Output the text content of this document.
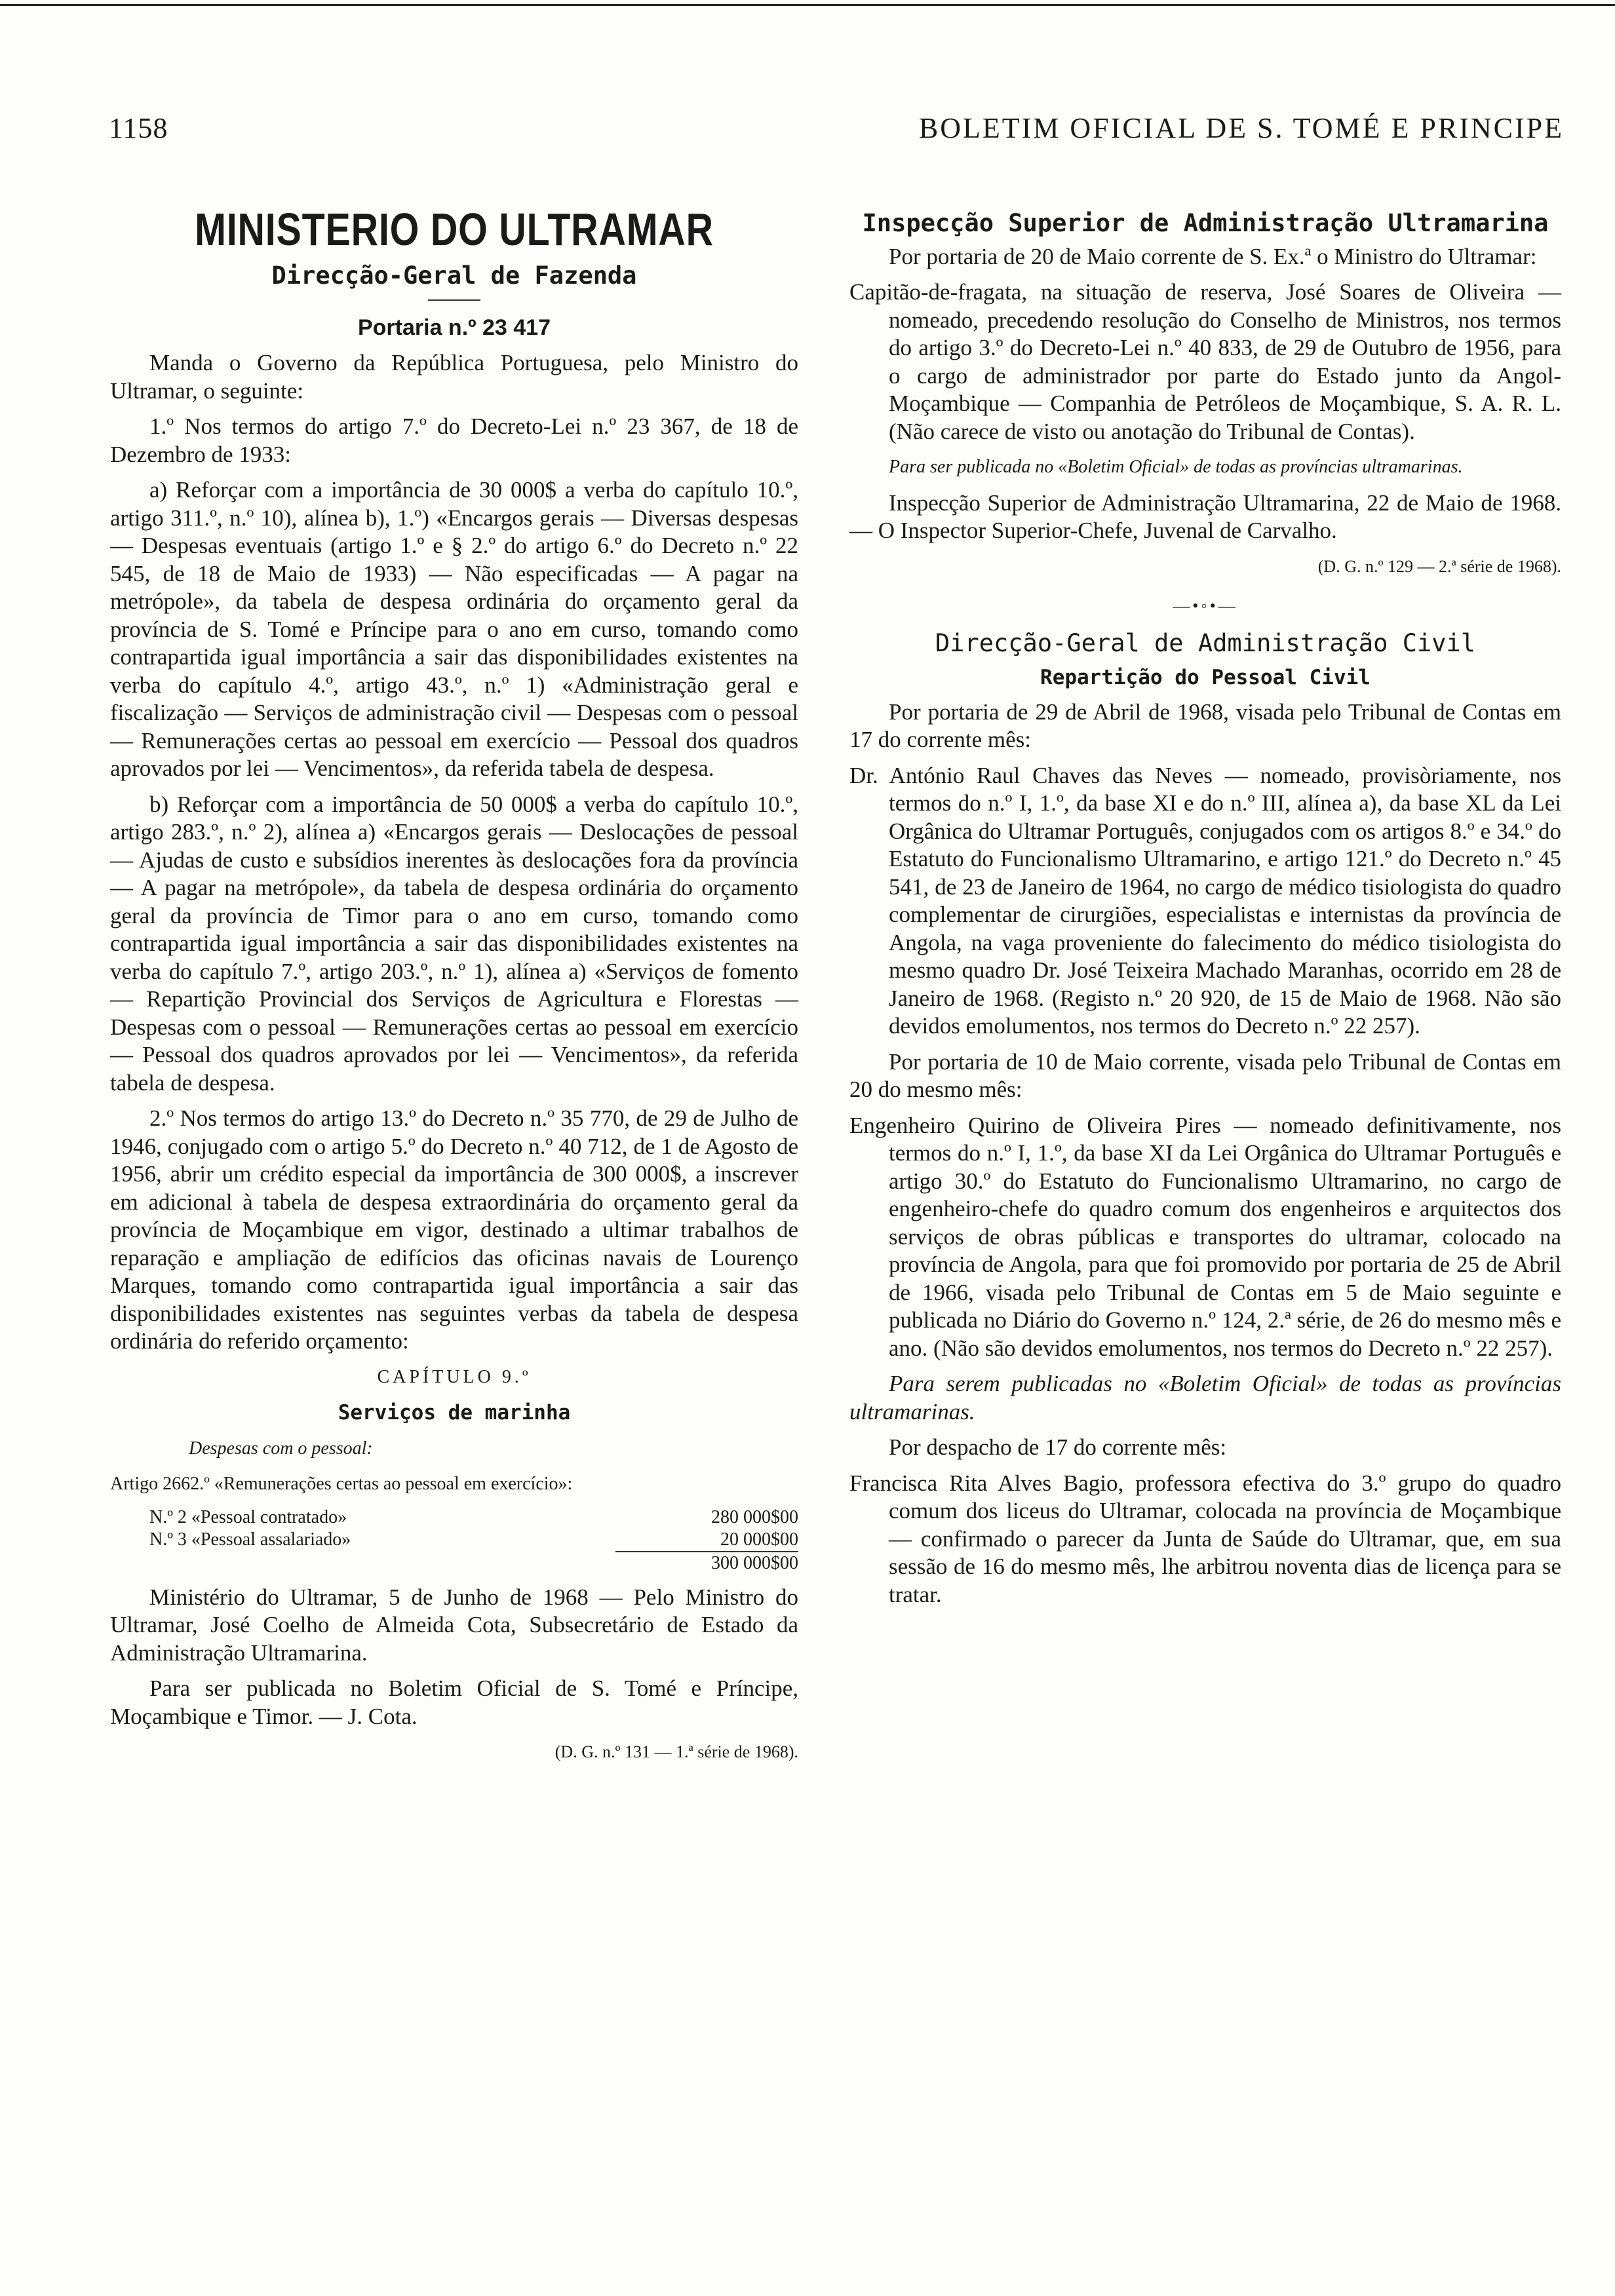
1158	BOLETIM OFICIAL DE S. TOMÉ E PRINCIPE
MINISTERIO DO ULTRAMAR
Direcção-Geral de Fazenda
Portaria n.º 23 417

Manda o Governo da República Portuguesa, pelo Ministro do Ultramar, o seguinte:

1.º Nos termos do artigo 7.º do Decreto-Lei n.º 23 367, de 18 de Dezembro de 1933:

a) Reforçar com a importância de 30 000$ a verba do capítulo 10.º, artigo 311.º, n.º 10), alínea b), 1.º) «Encargos gerais — Diversas despesas — Despesas eventuais (artigo 1.º e § 2.º do artigo 6.º do Decreto n.º 22 545, de 18 de Maio de 1933) — Não especificadas — A pagar na metrópole», da tabela de despesa ordinária do orçamento geral da província de S. Tomé e Príncipe para o ano em curso, tomando como contrapartida igual importância a sair das disponibilidades existentes na verba do capítulo 4.º, artigo 43.º, n.º 1) «Administração geral e fiscalização — Serviços de administração civil — Despesas com o pessoal — Remunerações certas ao pessoal em exercício — Pessoal dos quadros aprovados por lei — Vencimentos», da referida tabela de despesa.

b) Reforçar com a importância de 50 000$ a verba do capítulo 10.º, artigo 283.º, n.º 2), alínea a) «Encargos gerais — Deslocações de pessoal — Ajudas de custo e subsídios inerentes às deslocações fora da província — A pagar na metrópole», da tabela de despesa ordinária do orçamento geral da província de Timor para o ano em curso, tomando como contrapartida igual importância a sair das disponibilidades existentes na verba do capítulo 7.º, artigo 203.º, n.º 1), alínea a) «Serviços de fomento — Repartição Provincial dos Serviços de Agricultura e Florestas — Despesas com o pessoal — Remunerações certas ao pessoal em exercício — Pessoal dos quadros aprovados por lei — Vencimentos», da referida tabela de despesa.

2.º Nos termos do artigo 13.º do Decreto n.º 35 770, de 29 de Julho de 1946, conjugado com o artigo 5.º do Decreto n.º 40 712, de 1 de Agosto de 1956, abrir um crédito especial da importância de 300 000$, a inscrever em adicional à tabela de despesa extraordinária do orçamento geral da província de Moçambique em vigor, destinado a ultimar trabalhos de reparação e ampliação de edifícios das oficinas navais de Lourenço Marques, tomando como contrapartida igual importância a sair das disponibilidades existentes nas seguintes verbas da tabela de despesa ordinária do referido orçamento:

CAPÍTULO 9.º

Serviços de marinha

Despesas com o pessoal:

Artigo 2662.º «Remunerações certas ao pessoal em exercício»:

N.º 2 «Pessoal contratado»	280 000$00
N.º 3 «Pessoal assalariado»	20 000$00
	300 000$00

Ministério do Ultramar, 5 de Junho de 1968 — Pelo Ministro do Ultramar, José Coelho de Almeida Cota, Subsecretário de Estado da Administração Ultramarina.

Para ser publicada no Boletim Oficial de S. Tomé e Príncipe, Moçambique e Timor. — J. Cota.

(D. G. n.º 131 — 1.ª série de 1968).
Inspecção Superior de Administração Ultramarina

Por portaria de 20 de Maio corrente de S. Ex.ª o Ministro do Ultramar:

Capitão-de-fragata, na situação de reserva, José Soares de Oliveira — nomeado, precedendo resolução do Conselho de Ministros, nos termos do artigo 3.º do Decreto-Lei n.º 40 833, de 29 de Outubro de 1956, para o cargo de administrador por parte do Estado junto da Angol-Moçambique — Companhia de Petróleos de Moçambique, S. A. R. L. (Não carece de visto ou anotação do Tribunal de Contas).

Para ser publicada no «Boletim Oficial» de todas as províncias ultramarinas.

Inspecção Superior de Administração Ultramarina, 22 de Maio de 1968. — O Inspector Superior-Chefe, Juvenal de Carvalho.

(D. G. n.º 129 — 2.ª série de 1968).
—•◦•—
Direcção-Geral de Administração Civil
Repartição do Pessoal Civil

Por portaria de 29 de Abril de 1968, visada pelo Tribunal de Contas em 17 do corrente mês:

Dr. António Raul Chaves das Neves — nomeado, provisòriamente, nos termos do n.º I, 1.º, da base XI e do n.º III, alínea a), da base XL da Lei Orgânica do Ultramar Português, conjugados com os artigos 8.º e 34.º do Estatuto do Funcionalismo Ultramarino, e artigo 121.º do Decreto n.º 45 541, de 23 de Janeiro de 1964, no cargo de médico tisiologista do quadro complementar de cirurgiões, especialistas e internistas da província de Angola, na vaga proveniente do falecimento do médico tisiologista do mesmo quadro Dr. José Teixeira Machado Maranhas, ocorrido em 28 de Janeiro de 1968. (Registo n.º 20 920, de 15 de Maio de 1968. Não são devidos emolumentos, nos termos do Decreto n.º 22 257).

Por portaria de 10 de Maio corrente, visada pelo Tribunal de Contas em 20 do mesmo mês:

Engenheiro Quirino de Oliveira Pires — nomeado definitivamente, nos termos do n.º I, 1.º, da base XI da Lei Orgânica do Ultramar Português e artigo 30.º do Estatuto do Funcionalismo Ultramarino, no cargo de engenheiro-chefe do quadro comum dos engenheiros e arquitectos dos serviços de obras públicas e transportes do ultramar, colocado na província de Angola, para que foi promovido por portaria de 25 de Abril de 1966, visada pelo Tribunal de Contas em 5 de Maio seguinte e publicada no Diário do Governo n.º 124, 2.ª série, de 26 do mesmo mês e ano. (Não são devidos emolumentos, nos termos do Decreto n.º 22 257).

Para serem publicadas no «Boletim Oficial» de todas as províncias ultramarinas.

Por despacho de 17 do corrente mês:

Francisca Rita Alves Bagio, professora efectiva do 3.º grupo do quadro comum dos liceus do Ultramar, colocada na província de Moçambique — confirmado o parecer da Junta de Saúde do Ultramar, que, em sua sessão de 16 do mesmo mês, lhe arbitrou noventa dias de licença para se tratar.
